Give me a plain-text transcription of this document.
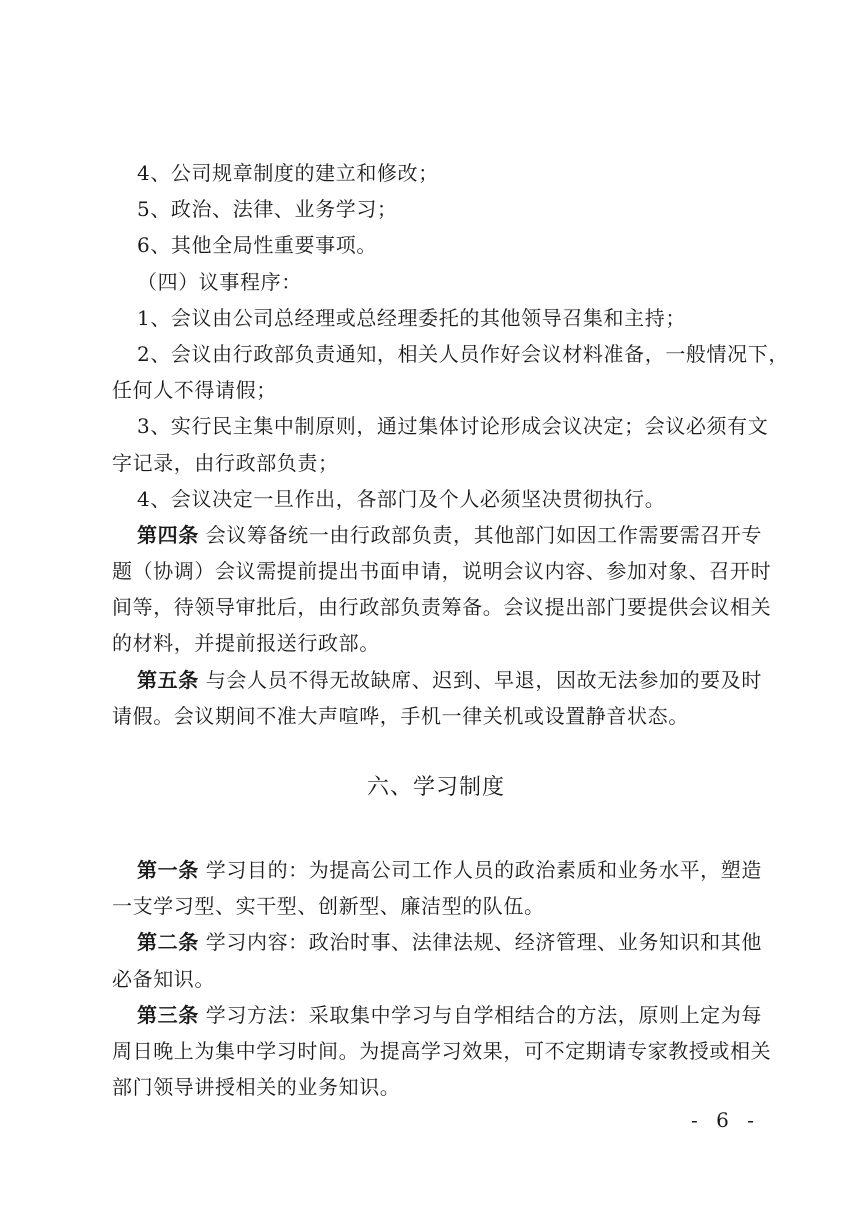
4、公司规章制度的建立和修改；
5、政治、法律、业务学习；
6、其他全局性重要事项。
（四）议事程序：
1、会议由公司总经理或总经理委托的其他领导召集和主持；
2、会议由行政部负责通知，相关人员作好会议材料准备，一般情况下，
任何人不得请假；
3、实行民主集中制原则，通过集体讨论形成会议决定；会议必须有文
字记录，由行政部负责；
4、会议决定一旦作出，各部门及个人必须坚决贯彻执行。
第四条 会议筹备统一由行政部负责，其他部门如因工作需要需召开专
题（协调）会议需提前提出书面申请，说明会议内容、参加对象、召开时
间等，待领导审批后，由行政部负责筹备。会议提出部门要提供会议相关
的材料，并提前报送行政部。
第五条 与会人员不得无故缺席、迟到、早退，因故无法参加的要及时
请假。会议期间不准大声喧哗，手机一律关机或设置静音状态。
六、学习制度
第一条 学习目的：为提高公司工作人员的政治素质和业务水平，塑造
一支学习型、实干型、创新型、廉洁型的队伍。
第二条 学习内容：政治时事、法律法规、经济管理、业务知识和其他
必备知识。
第三条 学习方法：采取集中学习与自学相结合的方法，原则上定为每
周日晚上为集中学习时间。为提高学习效果，可不定期请专家教授或相关
部门领导讲授相关的业务知识。
- 6 -
